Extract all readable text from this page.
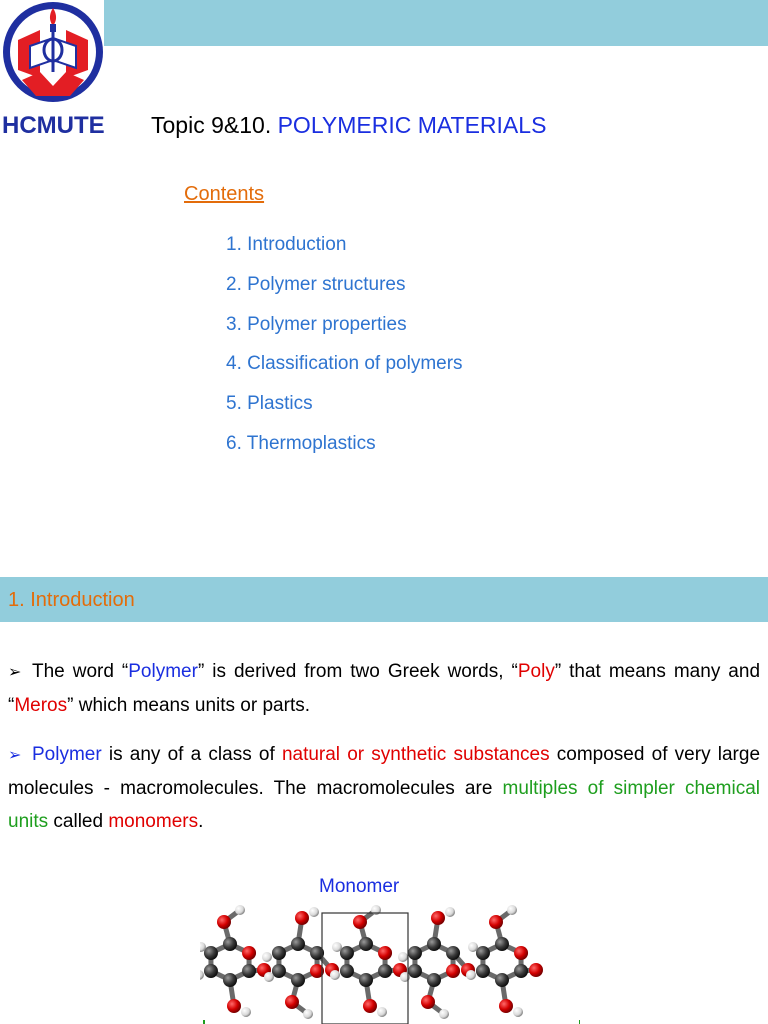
HCMUTE Topic 9&10. POLYMERIC MATERIALS
Contents
1. Introduction
2. Polymer structures
3. Polymer properties
4. Classification of polymers
5. Plastics
6. Thermoplastics
1. Introduction
➢ The word “Polymer” is derived from two Greek words, “Poly” that means many and “Meros” which means units or parts.
➢ Polymer is any of a class of natural or synthetic substances composed of very large molecules - macromolecules. The macromolecules are multiples of simpler chemical units called monomers.
Monomer
